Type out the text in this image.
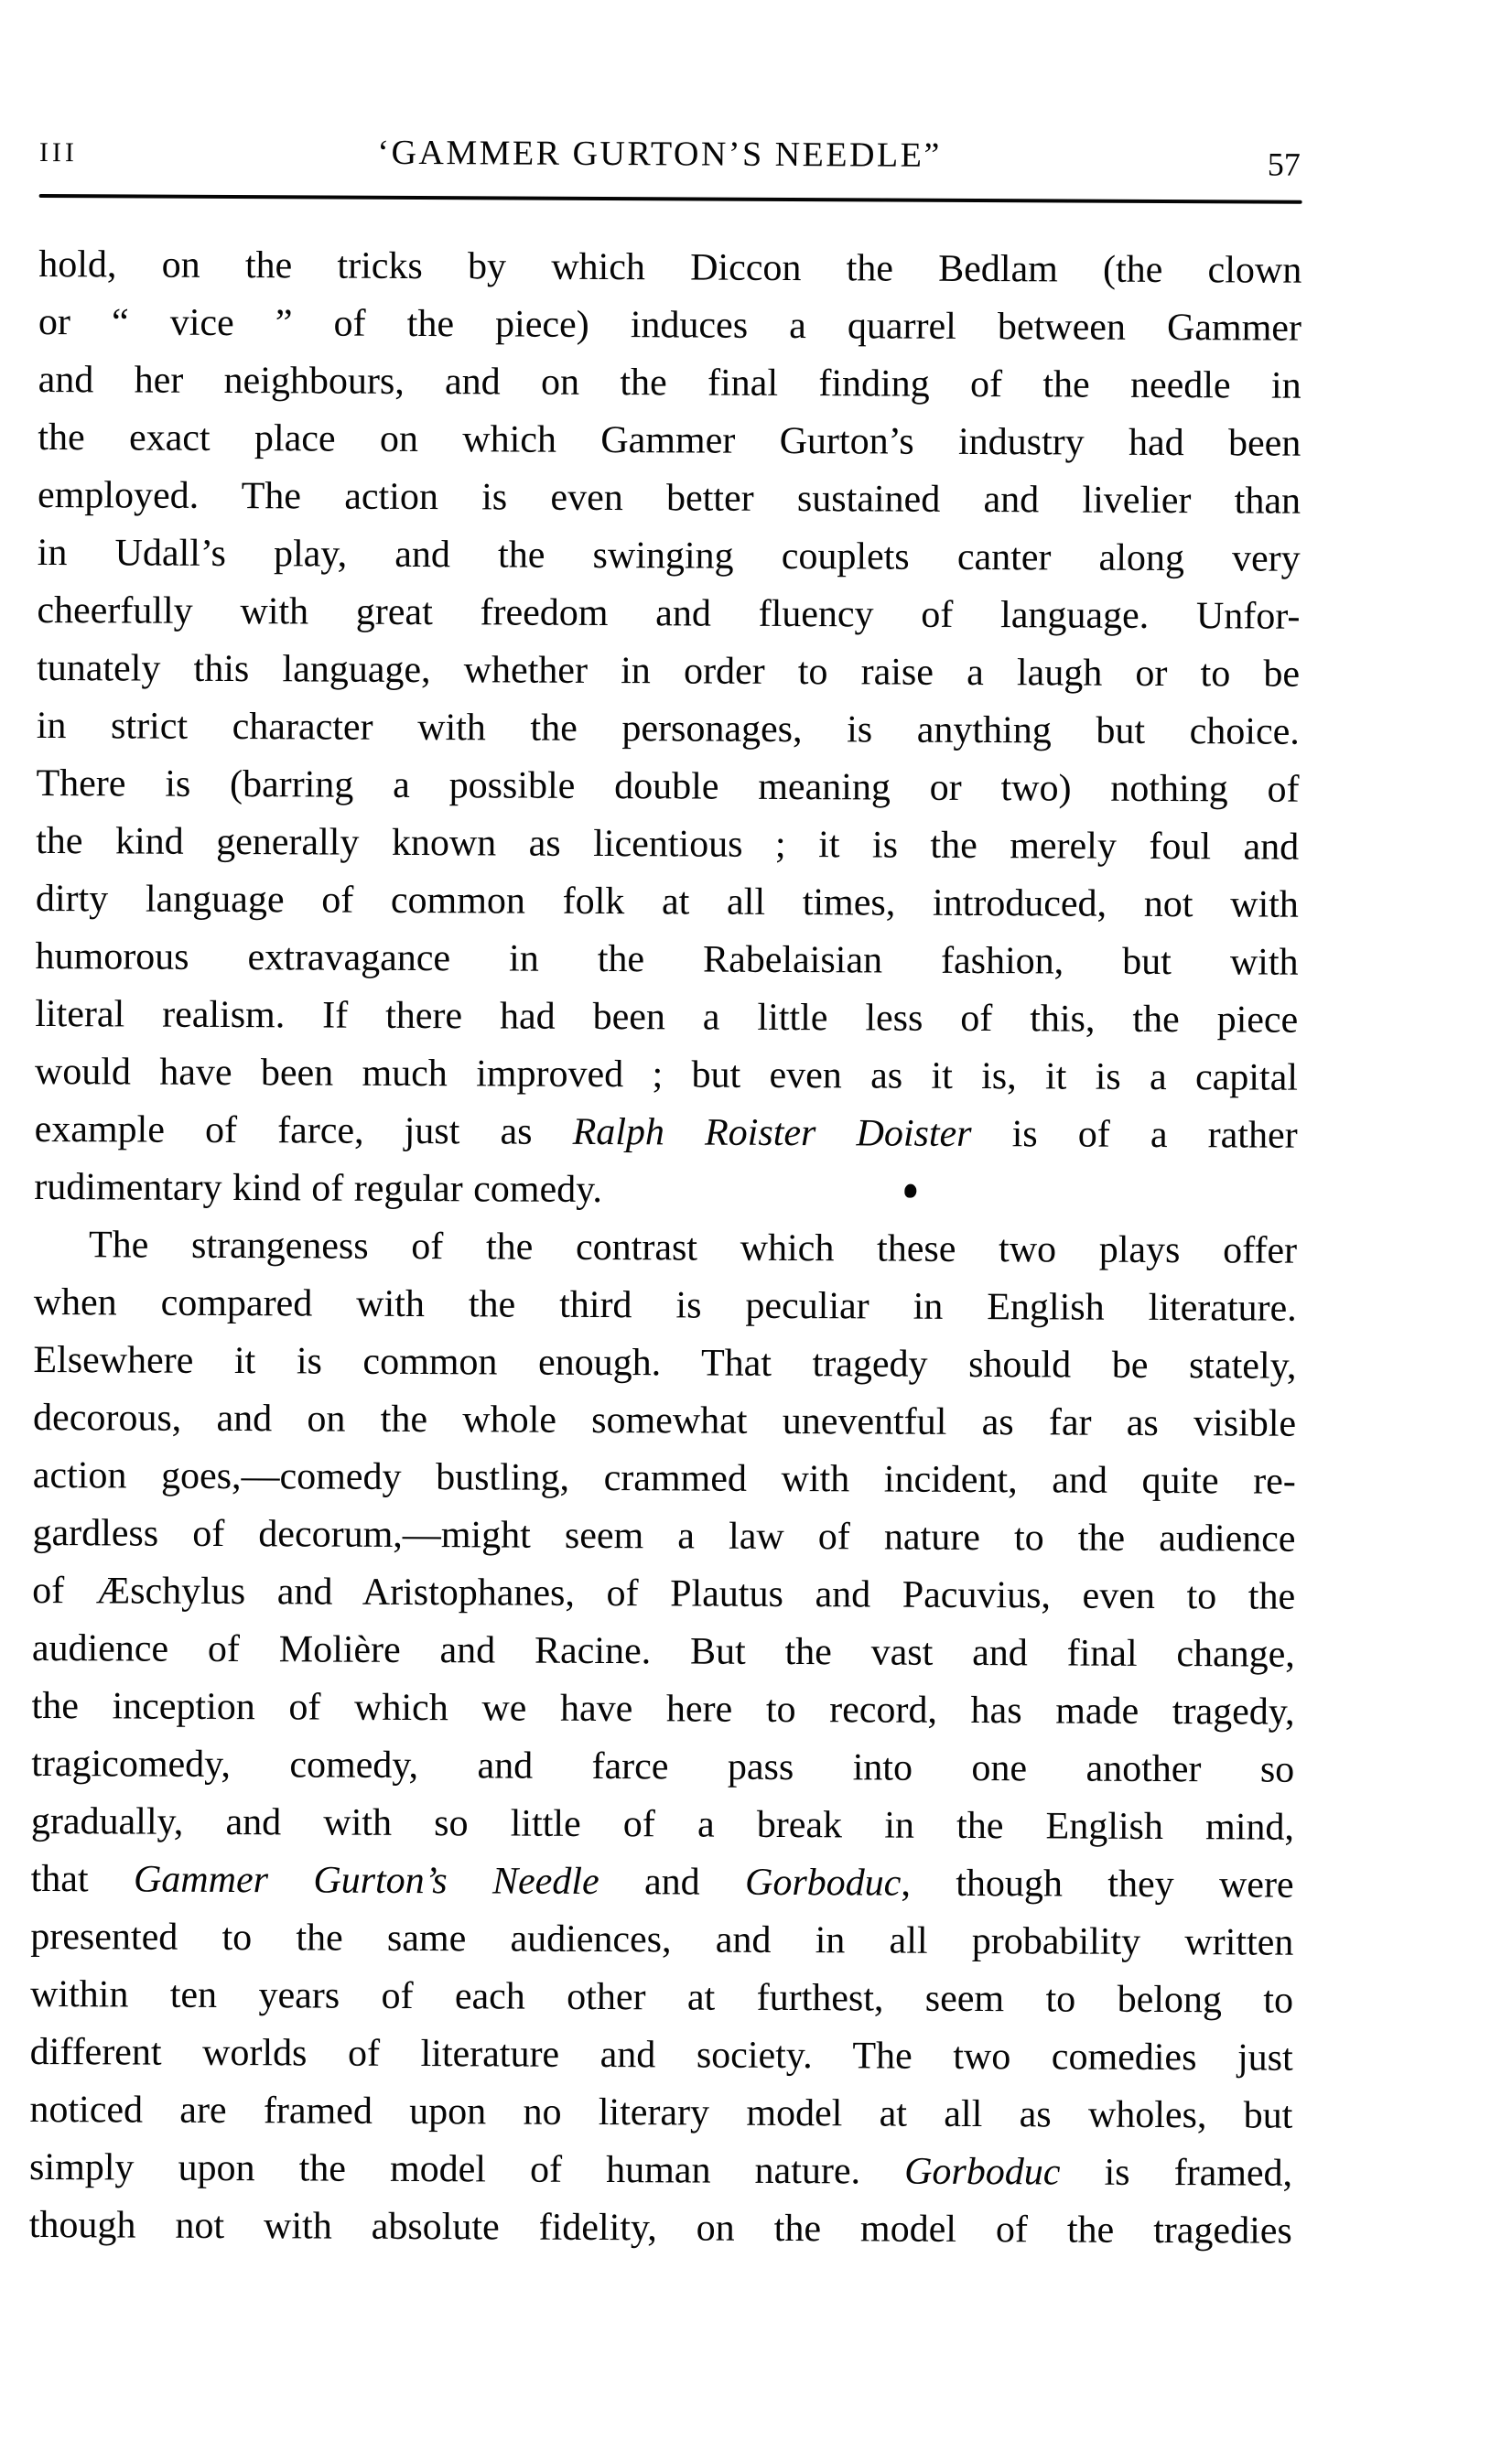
III	‘GAMMER GURTON’S NEEDLE”	57
hold, on the tricks by which Diccon the Bedlam (the clown
or “ vice ” of the piece) induces a quarrel between Gammer
and her neighbours, and on the final finding of the needle in
the exact place on which Gammer Gurton’s industry had been
employed. The action is even better sustained and livelier than
in Udall’s play, and the swinging couplets canter along very
cheerfully with great freedom and fluency of language. Unfor-
tunately this language, whether in order to raise a laugh or to be
in strict character with the personages, is anything but choice.
There is (barring a possible double meaning or two) nothing of
the kind generally known as licentious ; it is the merely foul and
dirty language of common folk at all times, introduced, not with
humorous extravagance in the Rabelaisian fashion, but with
literal realism. If there had been a little less of this, the piece
would have been much improved ; but even as it is, it is a capital
example of farce, just as Ralph Roister Doister is of a rather
rudimentary kind of regular comedy.
The strangeness of the contrast which these two plays offer
when compared with the third is peculiar in English literature.
Elsewhere it is common enough. That tragedy should be stately,
decorous, and on the whole somewhat uneventful as far as visible
action goes,—comedy bustling, crammed with incident, and quite re-
gardless of decorum,—might seem a law of nature to the audience
of Æschylus and Aristophanes, of Plautus and Pacuvius, even to the
audience of Molière and Racine. But the vast and final change,
the inception of which we have here to record, has made tragedy,
tragicomedy, comedy, and farce pass into one another so
gradually, and with so little of a break in the English mind,
that Gammer Gurton’s Needle and Gorboduc, though they were
presented to the same audiences, and in all probability written
within ten years of each other at furthest, seem to belong to
different worlds of literature and society. The two comedies just
noticed are framed upon no literary model at all as wholes, but
simply upon the model of human nature. Gorboduc is framed,
though not with absolute fidelity, on the model of the tragedies
